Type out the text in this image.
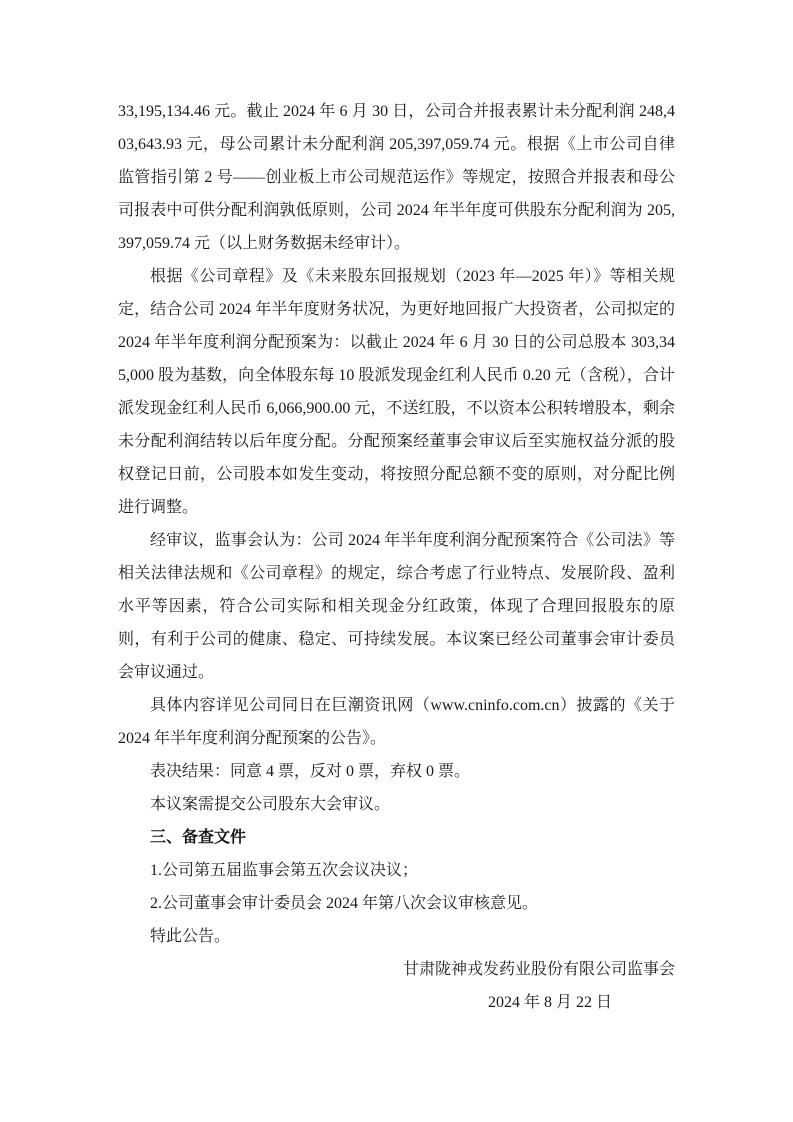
33,195,134.46 元。截止 2024 年 6 月 30 日，公司合并报表累计未分配利润 248,403,643.93 元，母公司累计未分配利润 205,397,059.74 元。根据《上市公司自律监管指引第 2 号——创业板上市公司规范运作》等规定，按照合并报表和母公司报表中可供分配利润孰低原则，公司 2024 年半年度可供股东分配利润为 205,397,059.74 元（以上财务数据未经审计）。

根据《公司章程》及《未来股东回报规划（2023 年—2025 年）》等相关规定，结合公司 2024 年半年度财务状况，为更好地回报广大投资者，公司拟定的 2024 年半年度利润分配预案为：以截止 2024 年 6 月 30 日的公司总股本 303,345,000 股为基数，向全体股东每 10 股派发现金红利人民币 0.20 元（含税），合计派发现金红利人民币 6,066,900.00 元，不送红股，不以资本公积转增股本，剩余未分配利润结转以后年度分配。分配预案经董事会审议后至实施权益分派的股权登记日前，公司股本如发生变动，将按照分配总额不变的原则，对分配比例进行调整。

经审议，监事会认为：公司 2024 年半年度利润分配预案符合《公司法》等相关法律法规和《公司章程》的规定，综合考虑了行业特点、发展阶段、盈利水平等因素，符合公司实际和相关现金分红政策，体现了合理回报股东的原则，有利于公司的健康、稳定、可持续发展。本议案已经公司董事会审计委员会审议通过。

具体内容详见公司同日在巨潮资讯网（www.cninfo.com.cn）披露的《关于 2024 年半年度利润分配预案的公告》。

表决结果：同意 4 票，反对 0 票，弃权 0 票。

本议案需提交公司股东大会审议。

三、备查文件

1.公司第五届监事会第五次会议决议；

2.公司董事会审计委员会 2024 年第八次会议审核意见。

特此公告。

甘肃陇神戎发药业股份有限公司监事会

2024 年 8 月 22 日
